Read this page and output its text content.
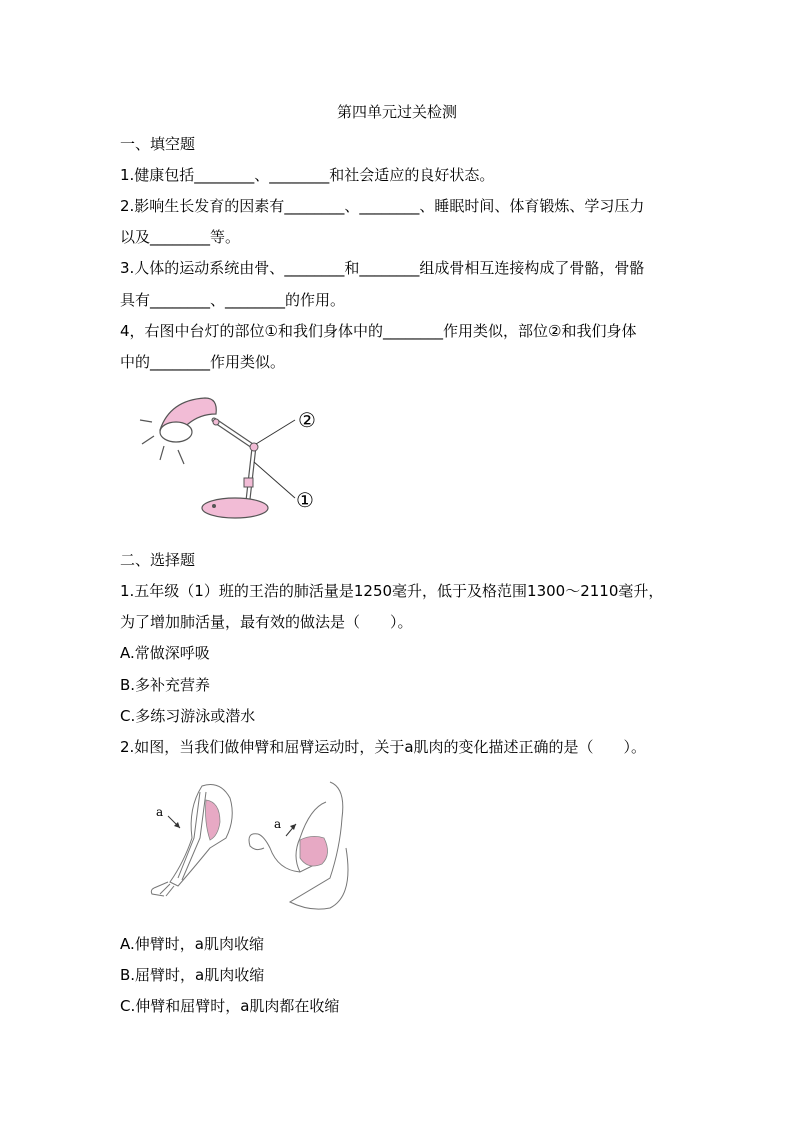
第四单元过关检测
一、填空题
1.健康包括________、________和社会适应的良好状态。
2.影响生长发育的因素有________、________、睡眠时间、体育锻炼、学习压力
以及________等。
3.人体的运动系统由骨、________和________组成骨相互连接构成了骨骼，骨骼
具有________、________的作用。
4，右图中台灯的部位①和我们身体中的________作用类似，部位②和我们身体
中的________作用类似。
②
①
二、选择题
1.五年级（1）班的王浩的肺活量是1250毫升，低于及格范围1300～2110毫升，
为了增加肺活量，最有效的做法是（　　）。
A.常做深呼吸
B.多补充营养
C.多练习游泳或潜水
2.如图，当我们做伸臂和屈臂运动时，关于a肌肉的变化描述正确的是（　　）。
a
a
A.伸臂时，a肌肉收缩
B.屈臂时，a肌肉收缩
C.伸臂和屈臂时，a肌肉都在收缩
